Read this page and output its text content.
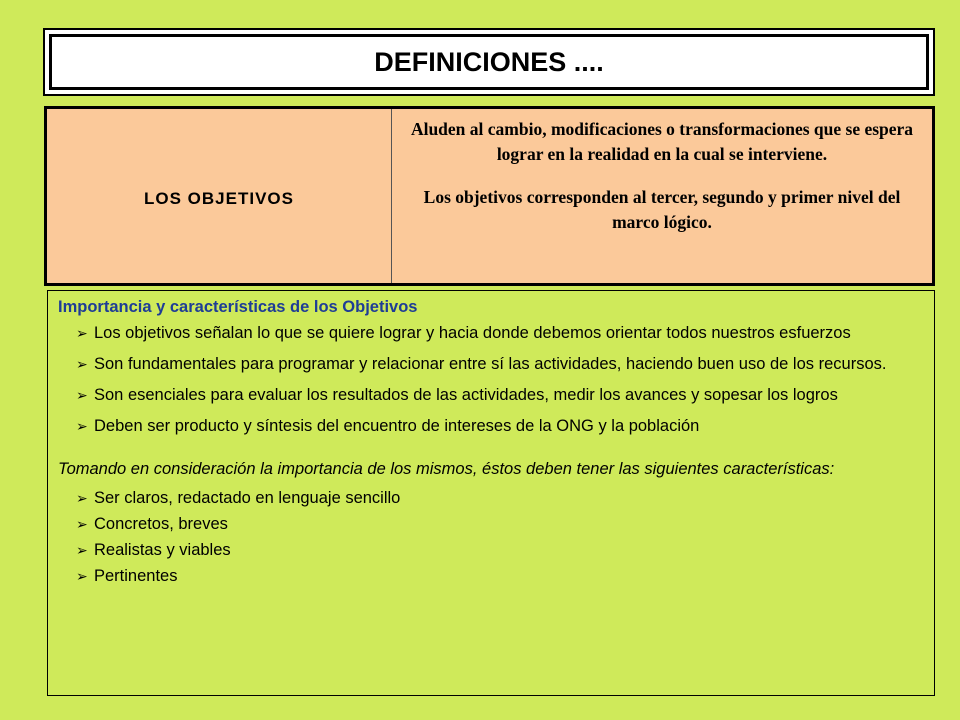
DEFINICIONES ....
LOS OBJETIVOS

Aluden al cambio, modificaciones o transformaciones que se espera lograr en la realidad en la cual se interviene.

Los objetivos corresponden al tercer, segundo y primer nivel del marco lógico.

Importancia y características de los Objetivos
➢ Los objetivos señalan lo que se quiere lograr y hacia donde debemos orientar todos nuestros esfuerzos
➢ Son fundamentales para programar y relacionar entre sí las actividades, haciendo buen uso de los recursos.
➢ Son esenciales para evaluar los resultados de las actividades, medir los avances y sopesar los logros
➢ Deben ser producto y síntesis del encuentro de intereses de la ONG y la población
Tomando en consideración la importancia de los mismos, éstos deben tener las siguientes características:
➢ Ser claros, redactado en lenguaje sencillo
➢ Concretos, breves
➢ Realistas y viables
➢ Pertinentes
